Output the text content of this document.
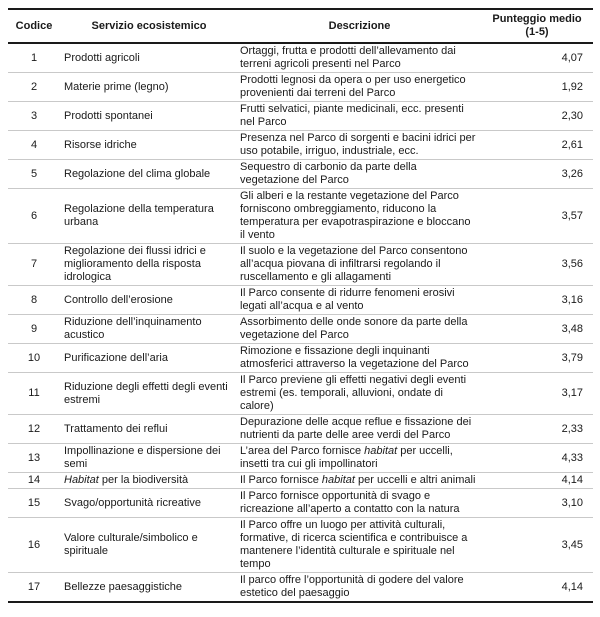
Codice	Servizio ecosistemico	Descrizione	Punteggio medio
(1-5)
1	Prodotti agricoli	Ortaggi, frutta e prodotti dell’allevamento dai terreni agricoli presenti nel Parco	4,07
2	Materie prime (legno)	Prodotti legnosi da opera o per uso energetico provenienti dai terreni del Parco	1,92
3	Prodotti spontanei	Frutti selvatici, piante medicinali, ecc. presenti nel Parco	2,30
4	Risorse idriche	Presenza nel Parco di sorgenti e bacini idrici per uso potabile, irriguo, industriale, ecc.	2,61
5	Regolazione del clima globale	Sequestro di carbonio da parte della vegetazione del Parco	3,26
6	Regolazione della temperatura urbana	Gli alberi e la restante vegetazione del Parco forniscono ombreggiamento, riducono la temperatura per evapotraspirazione e bloccano il vento	3,57
7	Regolazione dei flussi idrici e miglioramento della risposta idrologica	Il suolo e la vegetazione del Parco consentono all’acqua piovana di infiltrarsi regolando il ruscellamento e gli allagamenti	3,56
8	Controllo dell’erosione	Il Parco consente di ridurre fenomeni erosivi legati all’acqua e al vento	3,16
9	Riduzione dell’inquinamento acustico	Assorbimento delle onde sonore da parte della vegetazione del Parco	3,48
10	Purificazione dell’aria	Rimozione e fissazione degli inquinanti atmosferici attraverso la vegetazione del Parco	3,79
11	Riduzione degli effetti degli eventi estremi	Il Parco previene gli effetti negativi degli eventi estremi (es. temporali, alluvioni, ondate di calore)	3,17
12	Trattamento dei reflui	Depurazione delle acque reflue e fissazione dei nutrienti da parte delle aree verdi del Parco	2,33
13	Impollinazione e dispersione dei semi	L’area del Parco fornisce habitat per uccelli, insetti tra cui gli impollinatori	4,33
14	Habitat per la biodiversità	Il Parco fornisce habitat per uccelli e altri animali	4,14
15	Svago/opportunità ricreative	Il Parco fornisce opportunità di svago e ricreazione all’aperto a contatto con la natura	3,10
16	Valore culturale/simbolico e spirituale	Il Parco offre un luogo per attività culturali, formative, di ricerca scientifica e contribuisce a mantenere l’identità culturale e spirituale nel tempo	3,45
17	Bellezze paesaggistiche	Il parco offre l’opportunità di godere del valore estetico del paesaggio	4,14
